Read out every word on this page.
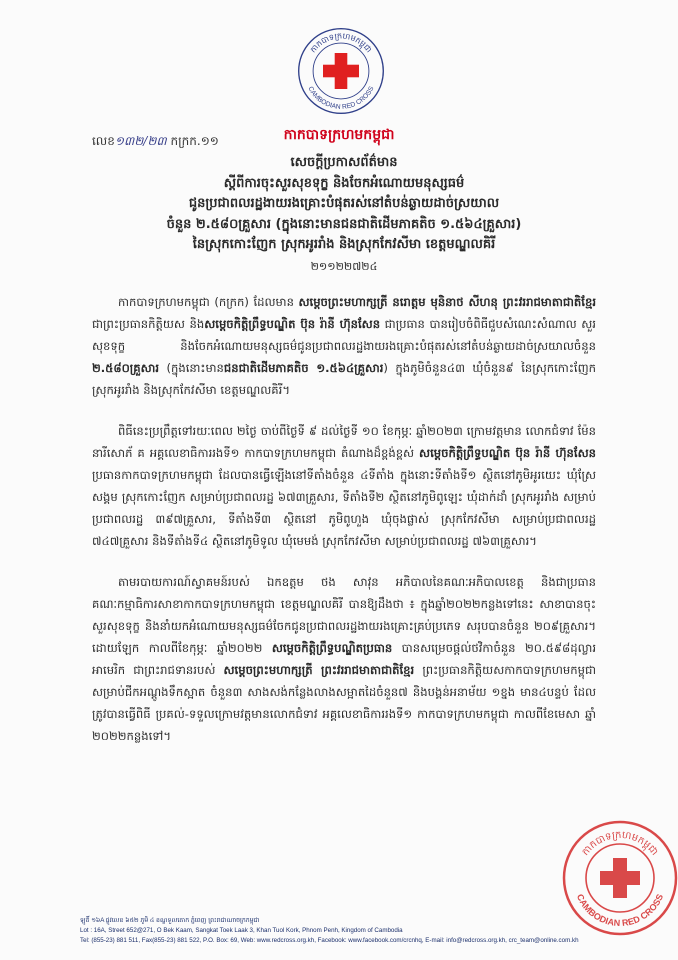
កាកបាទក្រហមកម្ពុជា
CAMBODIAN RED CROSS
លេខ១៣២/២៣ កក្រក.១១	កាកបាទក្រហមកម្ពុជា
សេចក្តីប្រកាសព័ត៌មាន
ស្តីពីការចុះសួរសុខទុក្ខ និងចែកអំណោយមនុស្សធម៌
ជូនប្រជាពលរដ្ឋងាយរងគ្រោះបំផុតរស់នៅតំបន់ឆ្ងាយដាច់ស្រយាល
ចំនួន ២.៥៨០គ្រួសារ (ក្នុងនោះមានជនជាតិដើមភាគតិច ១.៥៦៤គ្រួសារ)
នៃស្រុកកោះញែក ស្រុកអូររាំង និងស្រុកកែវសីមា ខេត្តមណ្ឌលគិរី
២១១២២៧២៤

កាកបាទក្រហមកម្ពុជា (កក្រក) ដែលមាន សម្តេចព្រះមហាក្សត្រី នរោត្តម មុនិនាថ សីហនុ ព្រះវររាជមាតាជាតិខ្មែរ ជាព្រះប្រធានកិត្តិយស និងសម្តេចកិត្តិព្រឹទ្ធបណ្ឌិត ប៊ុន រ៉ានី ហ៊ុនសែន ជាប្រធាន បានរៀបចំពិធីជួបសំណេះសំណាល សួរសុខទុក្ខ និងចែកអំណោយមនុស្សធម៌ជូនប្រជាពលរដ្ឋងាយរងគ្រោះបំផុតរស់នៅតំបន់ឆ្ងាយដាច់ស្រយាលចំនួន ២.៥៨០គ្រួសារ (ក្នុងនោះមានជនជាតិដើមភាគតិច ១.៥៦៤គ្រួសារ) ក្នុងភូមិចំនួន៤៣ ឃុំចំនួន៩ នៃស្រុកកោះញែក ស្រុកអូររាំង និងស្រុកកែវសីមា ខេត្តមណ្ឌលគិរី។

ពិធីនេះប្រព្រឹត្តទៅរយៈពេល ២ថ្ងៃ ចាប់ពីថ្ងៃទី ៩ ដល់ថ្ងៃទី ១០ ខែកុម្ភៈ ឆ្នាំ២០២៣ ក្រោមវត្តមាន លោកជំទាវ ម៉ែន នារីសោភ័ គ អគ្គលេខាធិការរងទី១ កាកបាទក្រហមកម្ពុជា តំណាងដ៏ខ្ពង់ខ្ពស់ សម្តេចកិត្តិព្រឹទ្ធបណ្ឌិត ប៊ុន រ៉ានី ហ៊ុនសែន ប្រធានកាកបាទក្រហមកម្ពុជា ដែលបានធ្វើឡើងនៅទីតាំងចំនួន ៤ទីតាំង ក្នុងនោះទីតាំងទី១ ស្ថិតនៅភូមិអូរយេះ ឃុំស្រែសង្គម ស្រុកកោះញែក សម្រាប់ប្រជាពលរដ្ឋ ៦៧៣គ្រួសារ, ទីតាំងទី២ ស្ថិតនៅភូមិពូឡេះ ឃុំដាក់ដាំ ស្រុកអូររាំង សម្រាប់ប្រជាពលរដ្ឋ ៣៩៧គ្រួសារ, ទីតាំងទី៣ ស្ថិតនៅ ភូមិពូហួង ឃុំចុងផ្លាស់ ស្រុកកែវសីមា សម្រាប់ប្រជាពលរដ្ឋ ៧៤៧គ្រួសារ និងទីតាំងទី៤ ស្ថិតនៅភូមិទូល ឃុំមេមង់ ស្រុកកែវសីមា សម្រាប់ប្រជាពលរដ្ឋ ៧៦៣គ្រួសារ។

តាមរបាយការណ៍ស្វាគមន៍របស់ ឯកឧត្តម ថង សាវុន អភិបាលនៃគណៈអភិបាលខេត្ត និងជាប្រធាន គណៈកម្មាធិការសាខាកាកបាទក្រហមកម្ពុជា ខេត្តមណ្ឌលគិរី បានឱ្យដឹងថា ៖ ក្នុងឆ្នាំ២០២២កន្លងទៅនេះ សាខាបានចុះសួរសុខទុក្ខ និងនាំយកអំណោយមនុស្សធម៌ចែកជូនប្រជាពលរដ្ឋងាយរងគ្រោះគ្រប់ប្រភេទ សរុបបានចំនួន ២០៩គ្រួសារ។ ដោយឡែក កាលពីខែកុម្ភៈ ឆ្នាំ២០២២ សម្តេចកិត្តិព្រឹទ្ធបណ្ឌិតប្រធាន បានសម្រេចផ្តល់ថវិកាចំនួន ២០.៥៩៨ដុល្លារអាមេរិក ជាព្រះរាជទានរបស់ សម្តេចព្រះមហាក្សត្រី ព្រះវររាជមាតាជាតិខ្មែរ ព្រះប្រធានកិត្តិយសកាកបាទក្រហមកម្ពុជា សម្រាប់ជីកអណ្តូងទឹកស្អាត ចំនួន៣ សាងសង់កន្លែងលាងសម្អាតដៃចំនួន៧ និងបង្គន់អនាម័យ ១ខ្នង មាន៤បន្ទប់ ដែលត្រូវបានធ្វើពិធី ប្រគល់-ទទួលក្រោមវត្តមានលោកជំទាវ អគ្គលេខាធិការរងទី១ កាកបាទក្រហមកម្ពុជា កាលពីខែមេសា ឆ្នាំ ២០២២កន្លងទៅ។

កាកបាទក្រហមកម្ពុជា
CAMBODIAN RED CROSS
ឡូតិ៍ ១៦A ផ្លូវលេខ ៦៥២ ភូមិ ៤ ខណ្ឌទួលគោក ភ្នំពេញ ព្រះរាជាណាចក្រកម្ពុជា
Lot : 16A, Street 652@271, O Bek Kaam, Sangkat Toek Laak 3, Khan Tuol Kork, Phnom Penh, Kingdom of Cambodia
Tel: (855-23) 881 511, Fax(855-23) 881 522, P.O. Box: 69, Web: www.redcross.org.kh, Facebook: www.facebook.com/crcnhq, E-mail: info@redcross.org.kh, crc_team@online.com.kh
